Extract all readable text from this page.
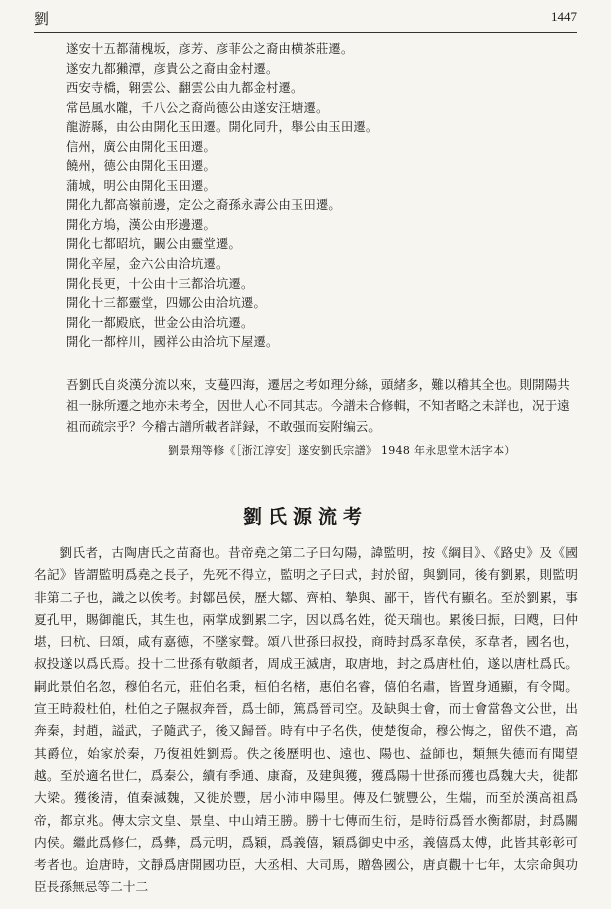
劉	1447
遂安十五都蒲槐坂，彦芳、彦菲公之裔由横茶莊遷。
遂安九都獺潭，彦貴公之裔由金村遷。
西安寺橋，翱雲公、翻雲公由九都金村遷。
常邑風水隴，千八公之裔尚德公由遂安汪塘遷。
龍游縣，由公由開化玉田遷。開化同升，舉公由玉田遷。
信州，廣公由開化玉田遷。
饒州，德公由開化玉田遷。
蒲城，明公由開化玉田遷。
開化九都高嶺前邊，定公之裔孫永壽公由玉田遷。
開化方塢，漢公由形邊遷。
開化七都昭坑，闞公由靈堂遷。
開化辛屋，金六公由洽坑遷。
開化長更，十公由十三都洽坑遷。
開化十三都靈堂，四娜公由洽坑遷。
開化一都殿底，世金公由洽坑遷。
開化一都梓川，國祥公由洽坑下屋遷。

吾劉氏自炎漢分流以來，支蔓四海，遷居之考如理分絲，頭緒多，難以稽其全也。則開陽共祖一脉所遷之地亦未考全，因世人心不同其志。今譜未合修輯，不知者略之未詳也，况于遠祖而疏宗乎？今稽古譜所載者詳録，不敢强而妄附编云。

劉景翔等修《［浙江淳安］遂安劉氏宗譜》 1948 年永思堂木活字本）
劉氏源流考

劉氏者，古陶唐氏之苗裔也。昔帝堯之第二子曰勾陽，諱監明，按《綱目》、《路史》及《國名記》皆謂監明爲堯之長子，先死不得立，監明之子曰式，封於留，與劉同，後有劉累，則監明非第二子也，識之以俟考。封鄒邑侯，歷大鄒、齊柏、摯與、鄙干，皆代有顯名。至於劉累，事夏孔甲，賜御龍氏，其生也，兩掌成劉累二字，因以爲名姓，從天瑞也。累後曰振，曰飕，曰仲堪，曰杭、曰頌，咸有嘉德，不墜家聲。頌八世孫曰叔投，商時封爲豕韋侯，豕韋者，國名也，叔投遂以爲氏焉。投十二世孫有敬顔者，周成王滅唐，取唐地，封之爲唐杜伯，遂以唐杜爲氏。嗣此景伯名忽，穆伯名元，莊伯名秉，桓伯名楮，惠伯名睿，僖伯名肅，皆置身通顯，有令聞。宣王時殺杜伯，杜伯之子隰叔奔晉，爲士師，篤爲晉司空。及缺與士會，而士會當魯文公世，出奔秦，封趙，謚武，子隨武子，後又歸晉。時有中子名佚，使楚復命，穆公悔之，留佚不遣，高其爵位，始家於秦，乃復祖姓劉焉。佚之後歷明也、遠也、陽也、益師也，類無失德而有聞望越。至於適名世仁，爲秦公，續有季通、康裔，及建與獲，獲爲陽十世孫而獲也爲魏大夫，徙都大梁。獲後清，值秦滅魏，又徙於豐，居小沛申陽里。傳及仁號豐公，生煓，而至於漢高祖爲帝，都京兆。傳太宗文皇、景皇、中山靖王勝。勝十七傳而生衍，是時衍爲晉水衡都尉，封爲關内侯。繼此爲修仁，爲彝，爲元明，爲穎，爲義僖，穎爲御史中丞，義僖爲太傅，此皆其彰彰可考者也。迨唐時，文靜爲唐開國功臣，大丞相、大司馬，贈魯國公，唐貞觀十七年，太宗命與功臣長孫無忌等二十二
